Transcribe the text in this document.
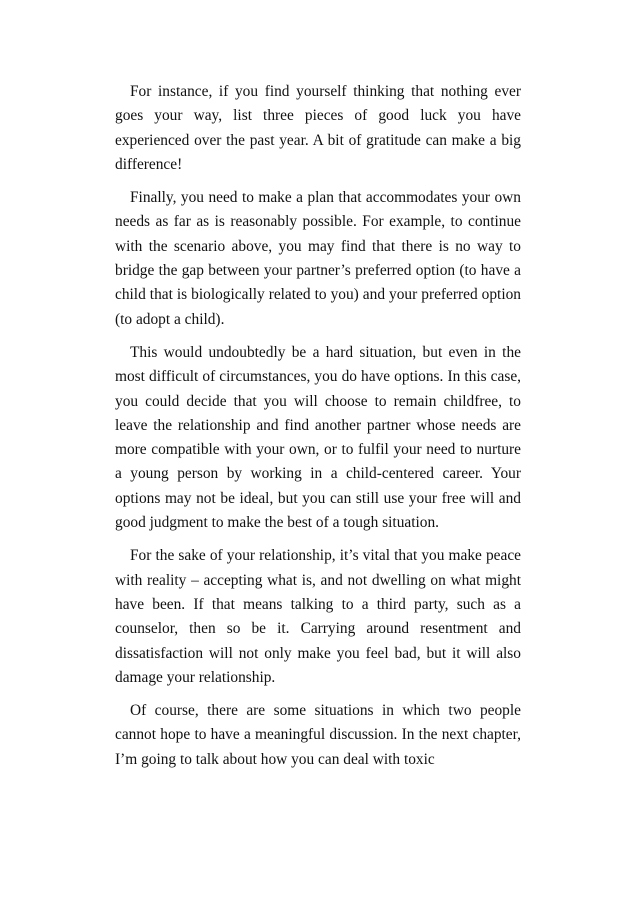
For instance, if you find yourself thinking that nothing ever goes your way, list three pieces of good luck you have experienced over the past year. A bit of gratitude can make a big difference!

Finally, you need to make a plan that accommodates your own needs as far as is reasonably possible. For example, to continue with the scenario above, you may find that there is no way to bridge the gap between your partner’s preferred option (to have a child that is biologically related to you) and your preferred option (to adopt a child).

This would undoubtedly be a hard situation, but even in the most difficult of circumstances, you do have options. In this case, you could decide that you will choose to remain childfree, to leave the relationship and find another partner whose needs are more compatible with your own, or to fulfil your need to nurture a young person by working in a child-centered career. Your options may not be ideal, but you can still use your free will and good judgment to make the best of a tough situation.

For the sake of your relationship, it’s vital that you make peace with reality – accepting what is, and not dwelling on what might have been. If that means talking to a third party, such as a counselor, then so be it. Carrying around resentment and dissatisfaction will not only make you feel bad, but it will also damage your relationship.

Of course, there are some situations in which two people cannot hope to have a meaningful discussion. In the next chapter, I’m going to talk about how you can deal with toxic
